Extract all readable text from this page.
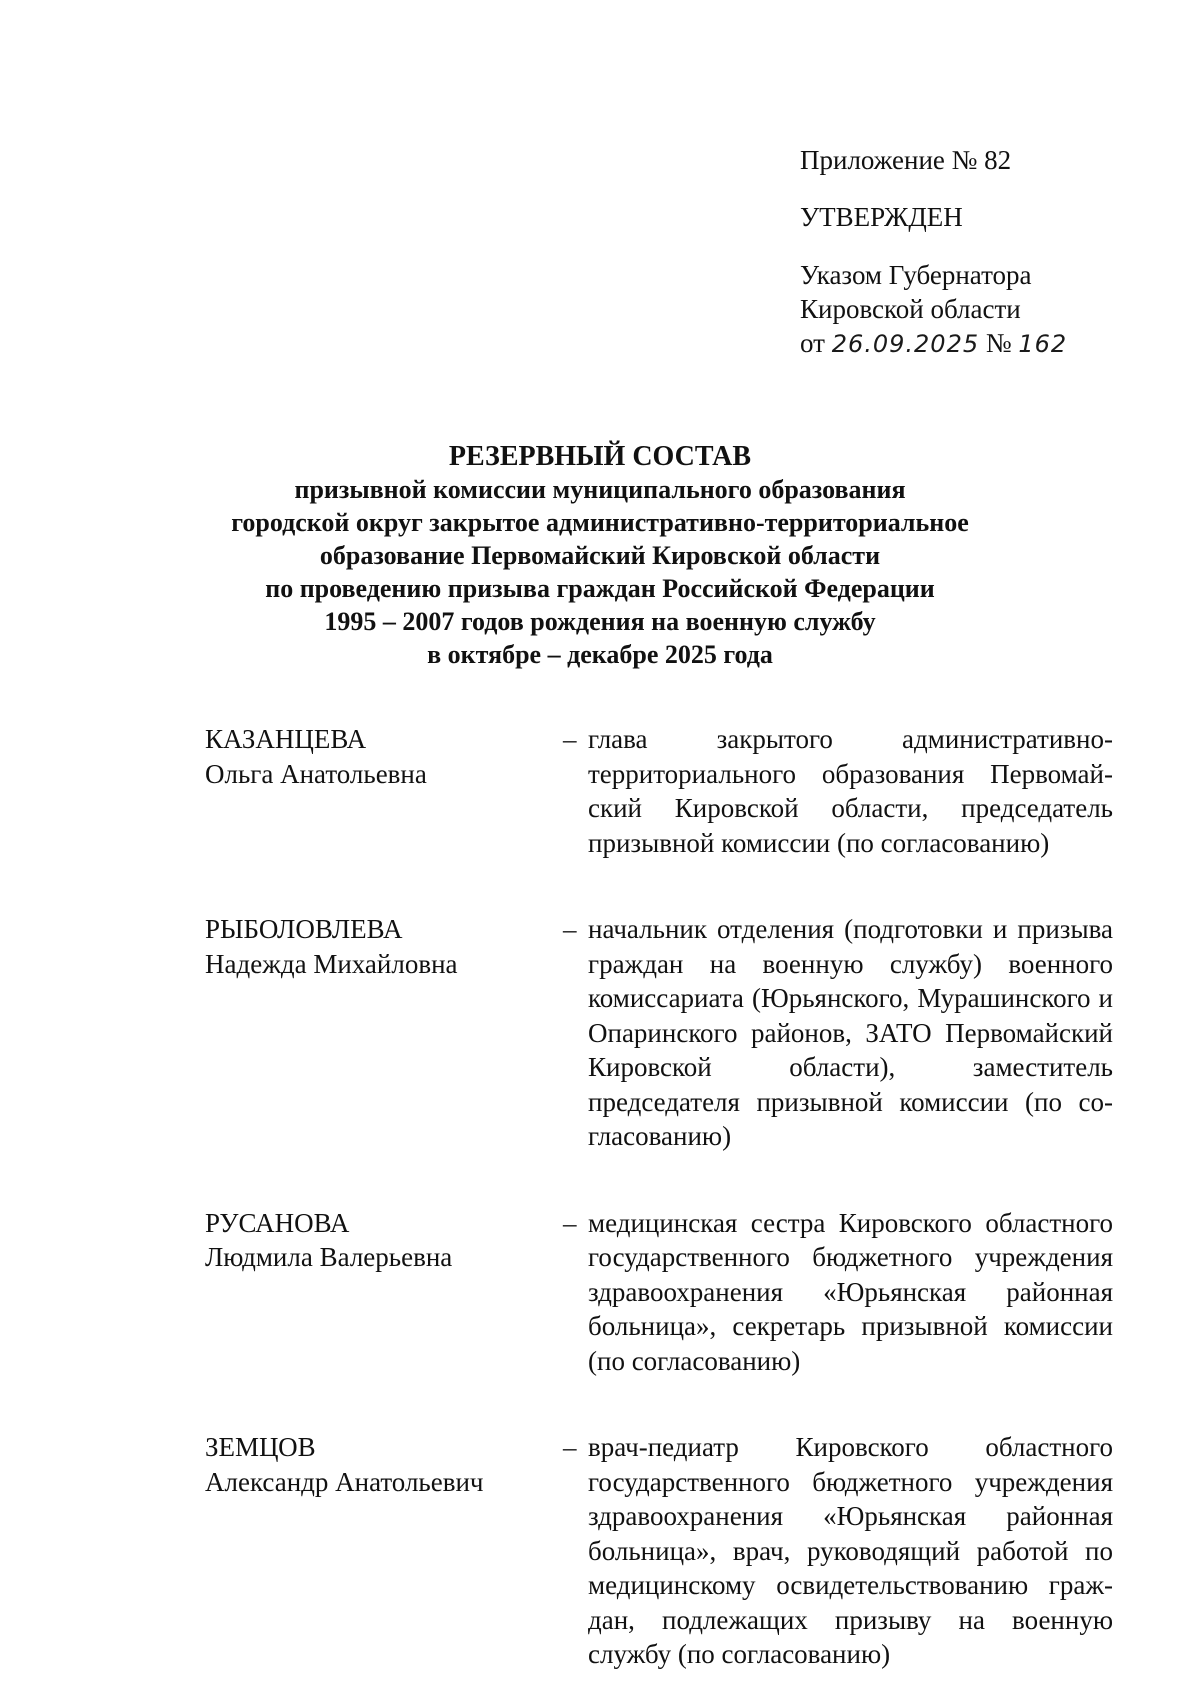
Приложение № 82
УТВЕРЖДЕН
Указом Губернатора
Кировской области
от 26.09.2025 № 162
РЕЗЕРВНЫЙ СОСТАВ
призывной комиссии муниципального образования
городской округ закрытое административно-территориальное
образование Первомайский Кировской области
по проведению призыва граждан Российской Федерации
1995 – 2007 годов рождения на военную службу
в октябре – декабре 2025 года
КАЗАНЦЕВА
Ольга Анатольевна
– глава закрытого административно-территориального образования Первомайский Кировской области, председатель призывной комиссии (по согласованию)
РЫБОЛОВЛЕВА
Надежда Михайловна
– начальник отделения (подготовки и призыва граждан на военную службу) военного комиссариата (Юрьянского, Мурашинского и Опаринского районов, ЗАТО Первомайский Кировской области), заместитель председателя призывной комиссии (по согласованию)
РУСАНОВА
Людмила Валерьевна
– медицинская сестра Кировского областного государственного бюджетного учреждения здравоохранения «Юрьянская районная больница», секретарь призывной комиссии (по согласованию)
ЗЕМЦОВ
Александр Анатольевич
– врач-педиатр Кировского областного государственного бюджетного учреждения здравоохранения «Юрьянская районная больница», врач, руководящий работой по медицинскому освидетельствованию граждан, подлежащих призыву на военную службу (по согласованию)
